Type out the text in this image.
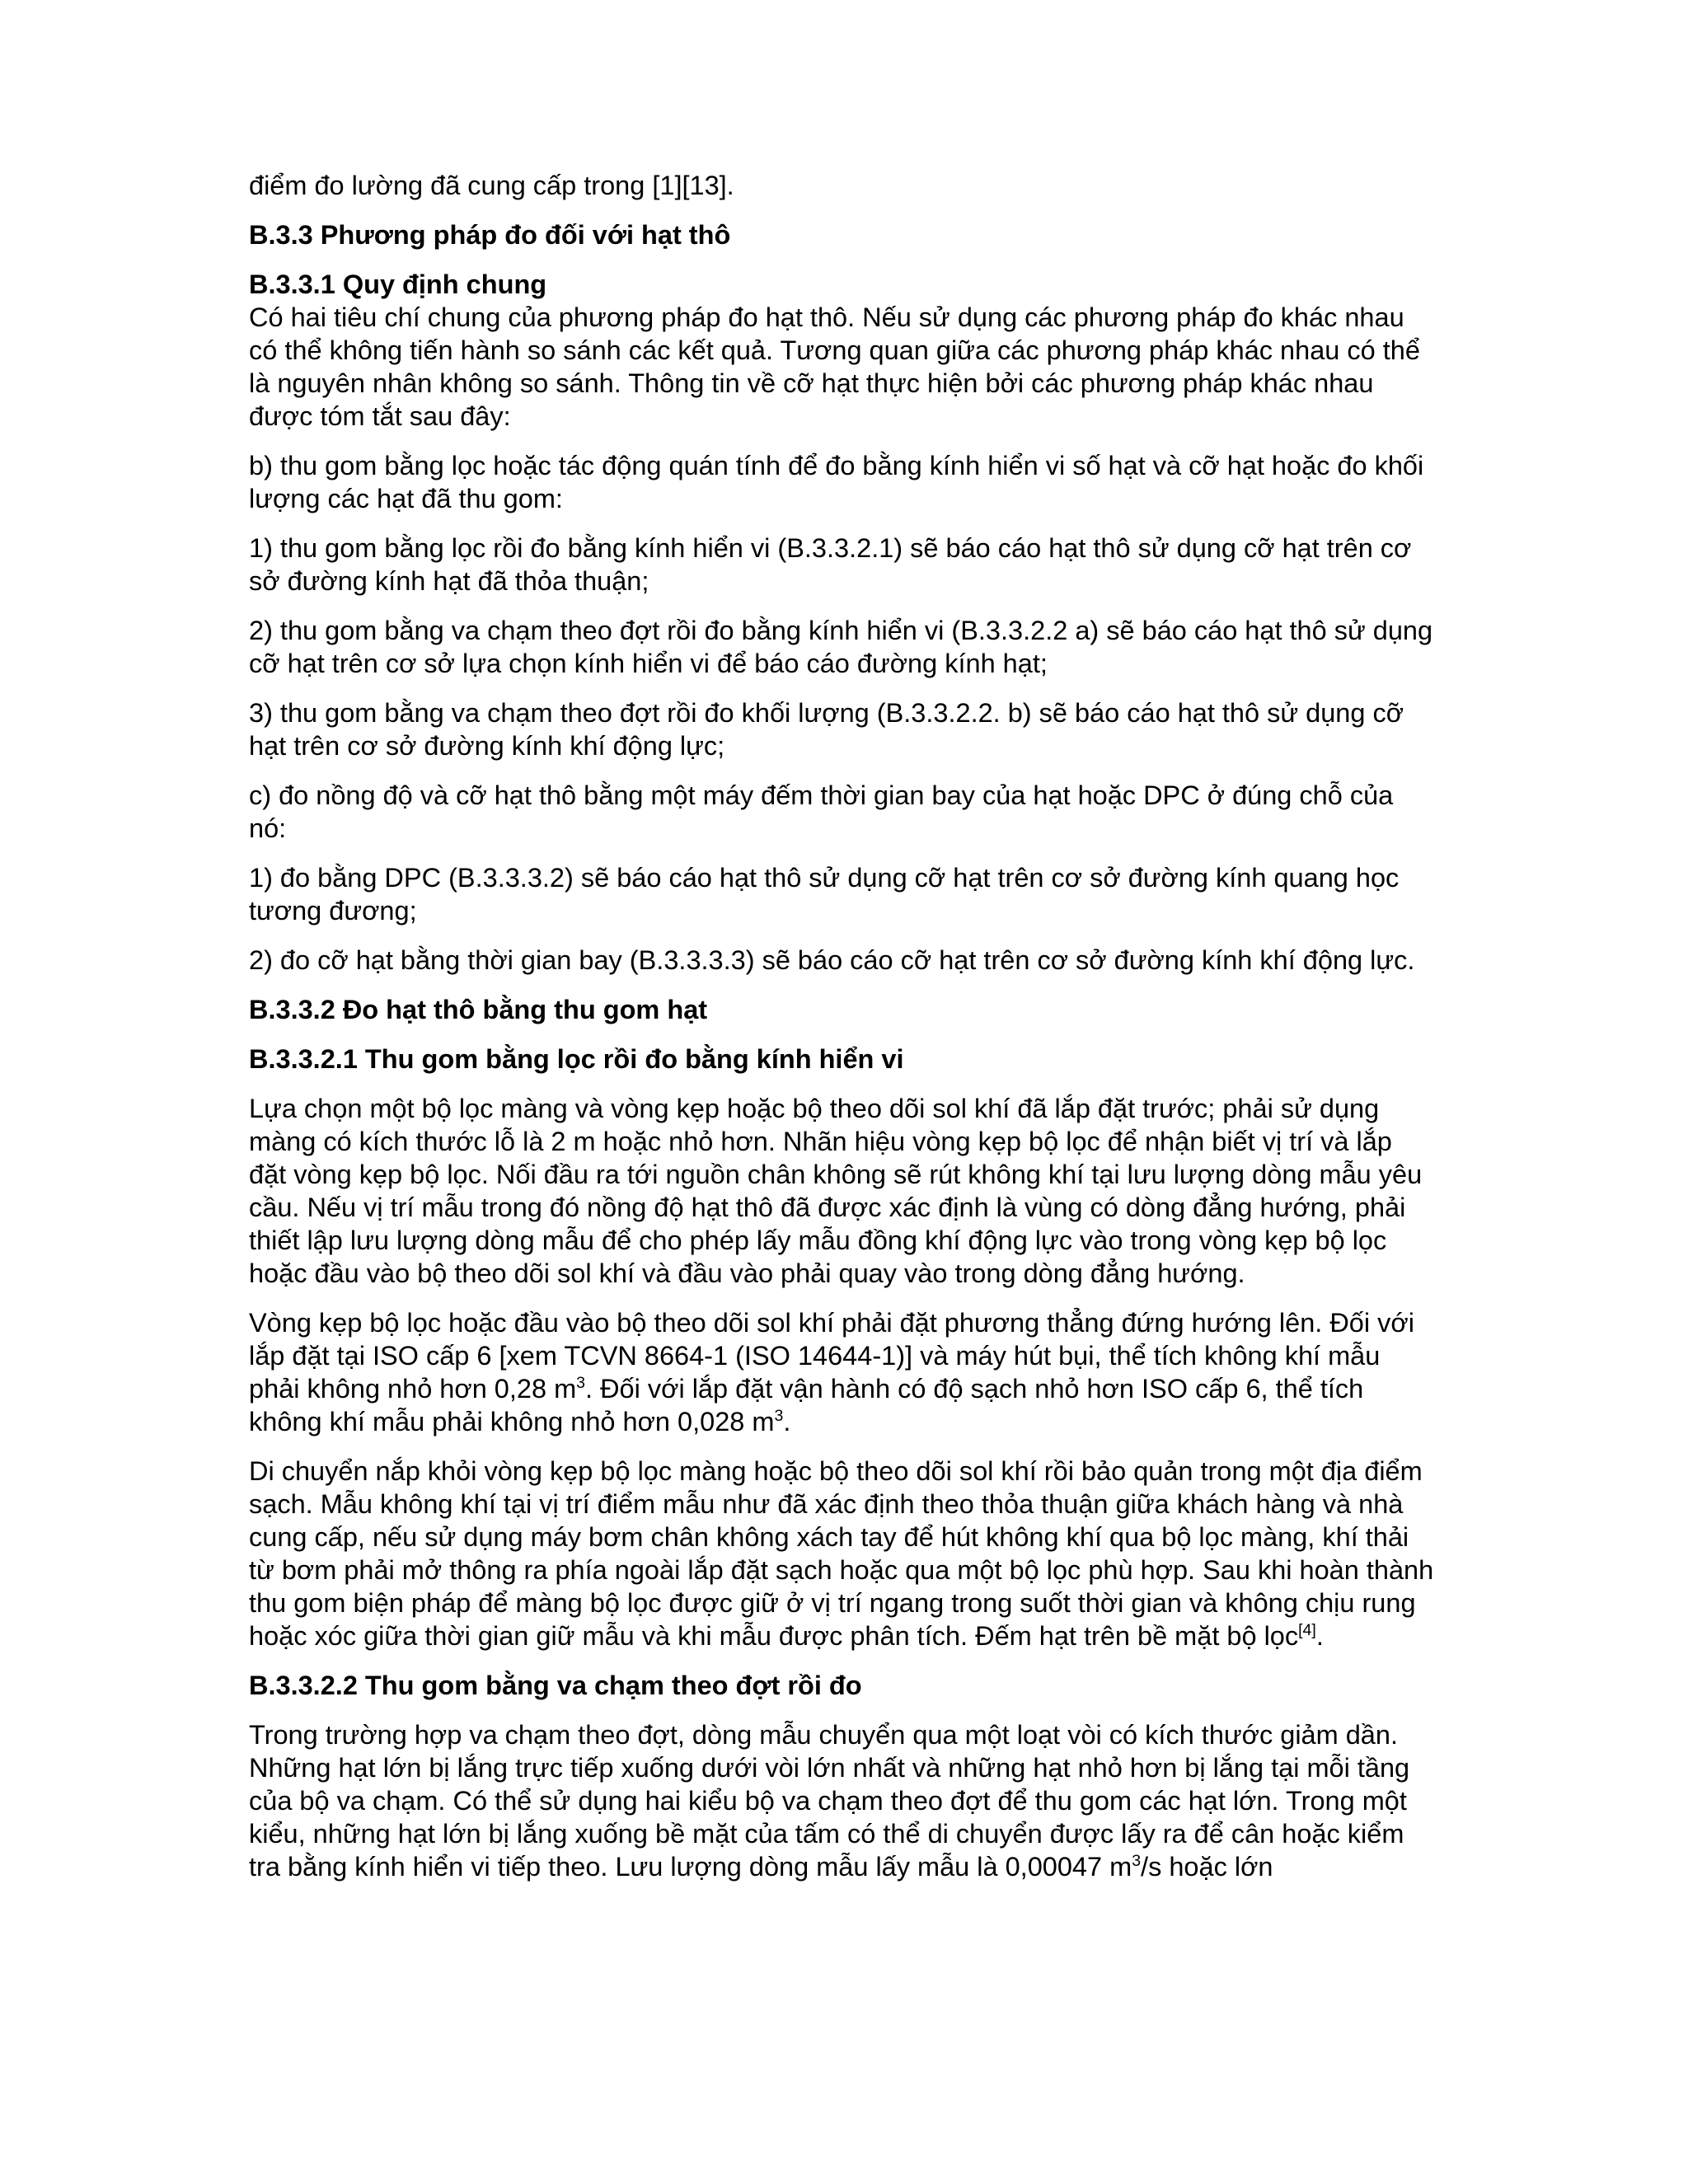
điểm đo lường đã cung cấp trong [1][13].

B.3.3 Phương pháp đo đối với hạt thô

B.3.3.1 Quy định chung

Có hai tiêu chí chung của phương pháp đo hạt thô. Nếu sử dụng các phương pháp đo khác nhau có thể không tiến hành so sánh các kết quả. Tương quan giữa các phương pháp khác nhau có thể là nguyên nhân không so sánh. Thông tin về cỡ hạt thực hiện bởi các phương pháp khác nhau được tóm tắt sau đây:

b) thu gom bằng lọc hoặc tác động quán tính để đo bằng kính hiển vi số hạt và cỡ hạt hoặc đo khối lượng các hạt đã thu gom:

1) thu gom bằng lọc rồi đo bằng kính hiển vi (B.3.3.2.1) sẽ báo cáo hạt thô sử dụng cỡ hạt trên cơ sở đường kính hạt đã thỏa thuận;

2) thu gom bằng va chạm theo đợt rồi đo bằng kính hiển vi (B.3.3.2.2 a) sẽ báo cáo hạt thô sử dụng cỡ hạt trên cơ sở lựa chọn kính hiển vi để báo cáo đường kính hạt;

3) thu gom bằng va chạm theo đợt rồi đo khối lượng (B.3.3.2.2. b) sẽ báo cáo hạt thô sử dụng cỡ hạt trên cơ sở đường kính khí động lực;

c) đo nồng độ và cỡ hạt thô bằng một máy đếm thời gian bay của hạt hoặc DPC ở đúng chỗ của nó:

1) đo bằng DPC (B.3.3.3.2) sẽ báo cáo hạt thô sử dụng cỡ hạt trên cơ sở đường kính quang học tương đương;

2) đo cỡ hạt bằng thời gian bay (B.3.3.3.3) sẽ báo cáo cỡ hạt trên cơ sở đường kính khí động lực.

B.3.3.2 Đo hạt thô bằng thu gom hạt

B.3.3.2.1 Thu gom bằng lọc rồi đo bằng kính hiển vi

Lựa chọn một bộ lọc màng và vòng kẹp hoặc bộ theo dõi sol khí đã lắp đặt trước; phải sử dụng màng có kích thước lỗ là 2 m hoặc nhỏ hơn. Nhãn hiệu vòng kẹp bộ lọc để nhận biết vị trí và lắp đặt vòng kẹp bộ lọc. Nối đầu ra tới nguồn chân không sẽ rút không khí tại lưu lượng dòng mẫu yêu cầu. Nếu vị trí mẫu trong đó nồng độ hạt thô đã được xác định là vùng có dòng đẳng hướng, phải thiết lập lưu lượng dòng mẫu để cho phép lấy mẫu đồng khí động lực vào trong vòng kẹp bộ lọc hoặc đầu vào bộ theo dõi sol khí và đầu vào phải quay vào trong dòng đẳng hướng.

Vòng kẹp bộ lọc hoặc đầu vào bộ theo dõi sol khí phải đặt phương thẳng đứng hướng lên. Đối với lắp đặt tại ISO cấp 6 [xem TCVN 8664-1 (ISO 14644-1)] và máy hút bụi, thể tích không khí mẫu phải không nhỏ hơn 0,28 $m^3$. Đối với lắp đặt vận hành có độ sạch nhỏ hơn ISO cấp 6, thể tích không khí mẫu phải không nhỏ hơn 0,028 $m^3$.

Di chuyển nắp khỏi vòng kẹp bộ lọc màng hoặc bộ theo dõi sol khí rồi bảo quản trong một địa điểm sạch. Mẫu không khí tại vị trí điểm mẫu như đã xác định theo thỏa thuận giữa khách hàng và nhà cung cấp, nếu sử dụng máy bơm chân không xách tay để hút không khí qua bộ lọc màng, khí thải từ bơm phải mở thông ra phía ngoài lắp đặt sạch hoặc qua một bộ lọc phù hợp. Sau khi hoàn thành thu gom biện pháp để màng bộ lọc được giữ ở vị trí ngang trong suốt thời gian và không chịu rung hoặc xóc giữa thời gian giữ mẫu và khi mẫu được phân tích. Đếm hạt trên bề mặt bộ lọc[4].

B.3.3.2.2 Thu gom bằng va chạm theo đợt rồi đo

Trong trường hợp va chạm theo đợt, dòng mẫu chuyển qua một loạt vòi có kích thước giảm dần. Những hạt lớn bị lắng trực tiếp xuống dưới vòi lớn nhất và những hạt nhỏ hơn bị lắng tại mỗi tầng của bộ va chạm. Có thể sử dụng hai kiểu bộ va chạm theo đợt để thu gom các hạt lớn. Trong một kiểu, những hạt lớn bị lắng xuống bề mặt của tấm có thể di chuyển được lấy ra để cân hoặc kiểm tra bằng kính hiển vi tiếp theo. Lưu lượng dòng mẫu lấy mẫu là 0,00047 $m^3/s$ hoặc lớn
